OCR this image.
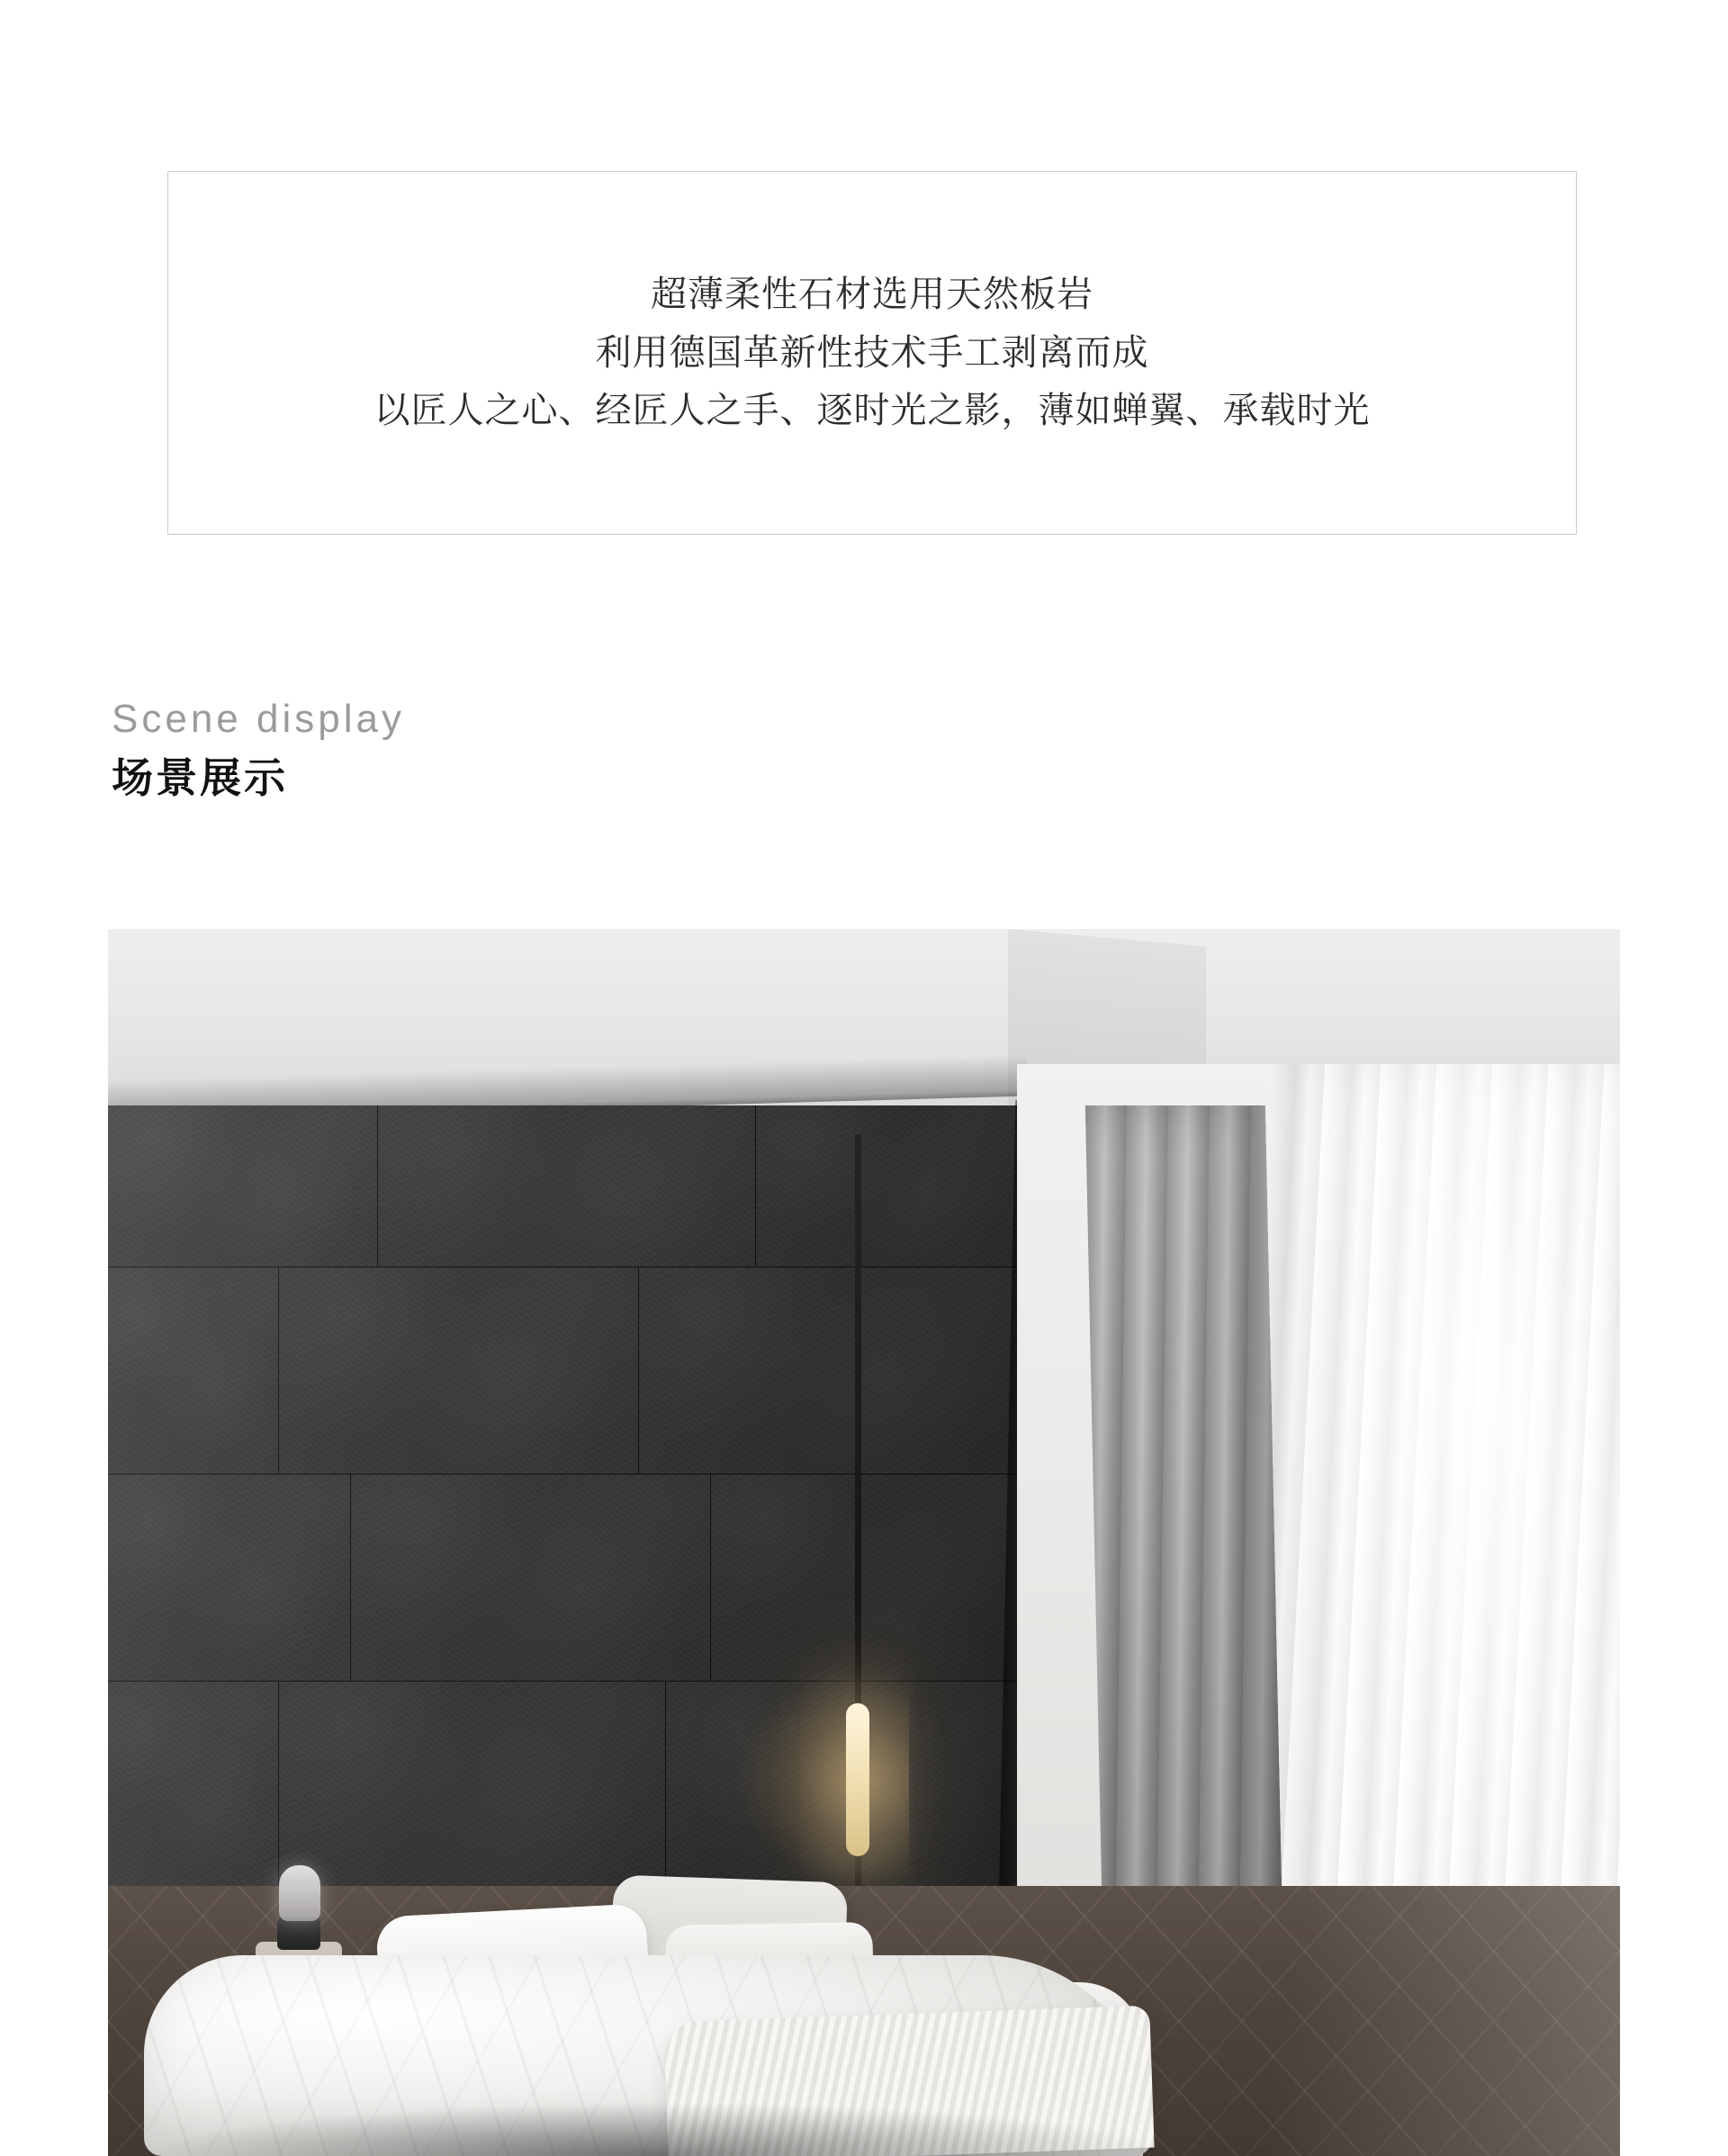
超薄柔性石材选用天然板岩
利用德国革新性技术手工剥离而成
以匠人之心、经匠人之手、逐时光之影，薄如蝉翼、承载时光
Scene display
场景展示
